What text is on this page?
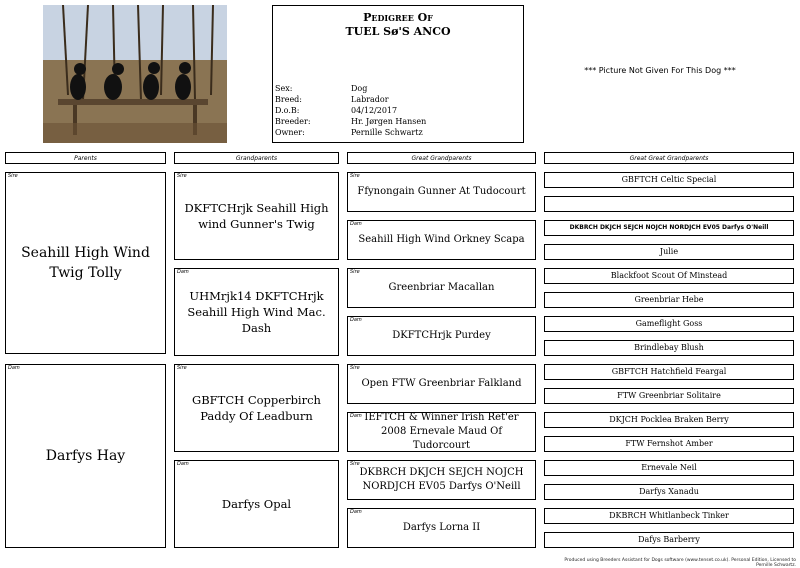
Pedigree Of
TUEL Sø'S ANCO
Sex:	Dog
Breed:	Labrador
D.o.B:	04/12/2017
Breeder:	Hr. Jørgen Hansen
Owner:	Pernille Schwartz
*** Picture Not Given For This Dog ***
Parents	Grandparents	Great Grandparents	Great Great Grandparents
Sire
Seahill High Wind Twig Tolly
Dam
Darfys Hay
Sire
DKFTCHrjk Seahill High wind Gunner's Twig
Dam
UHMrjk14 DKFTCHrjk Seahill High Wind Mac. Dash
Sire
GBFTCH Copperbirch Paddy Of Leadburn
Dam
Darfys Opal
Sire
Ffynongain Gunner At Tudocourt
Dam
Seahill High Wind Orkney Scapa
Sire
Greenbriar Macallan
Dam
DKFTCHrjk Purdey
Sire
Open FTW Greenbriar Falkland
Dam IEFTCH & Winner Irish Ret'er 2008 Ernevale Maud Of Tudorcourt
Sire
DKBRCH DKJCH SEJCH NOJCH NORDJCH EV05 Darfys O'Neill
Dam
Darfys Lorna II
GBFTCH Celtic Special
DKBRCH DKJCH SEJCH NOJCH NORDJCH EV05 Darfys O'Neill
Julie
Blackfoot Scout Of Minstead
Greenbriar Hebe
Gameflight Goss
Brindlebay Blush
GBFTCH Hatchfield Feargal
FTW Greenbriar Solitaire
DKJCH Pocklea Braken Berry
FTW Fernshot Amber
Ernevale Neil
Darfys Xanadu
DKBRCH Whitlanbeck Tinker
Dafys Barberry
Produced using Breeders Assistant for Dogs software (www.tenset.co.uk). Personal Edition, Licensed to Pernille Schwartz.
